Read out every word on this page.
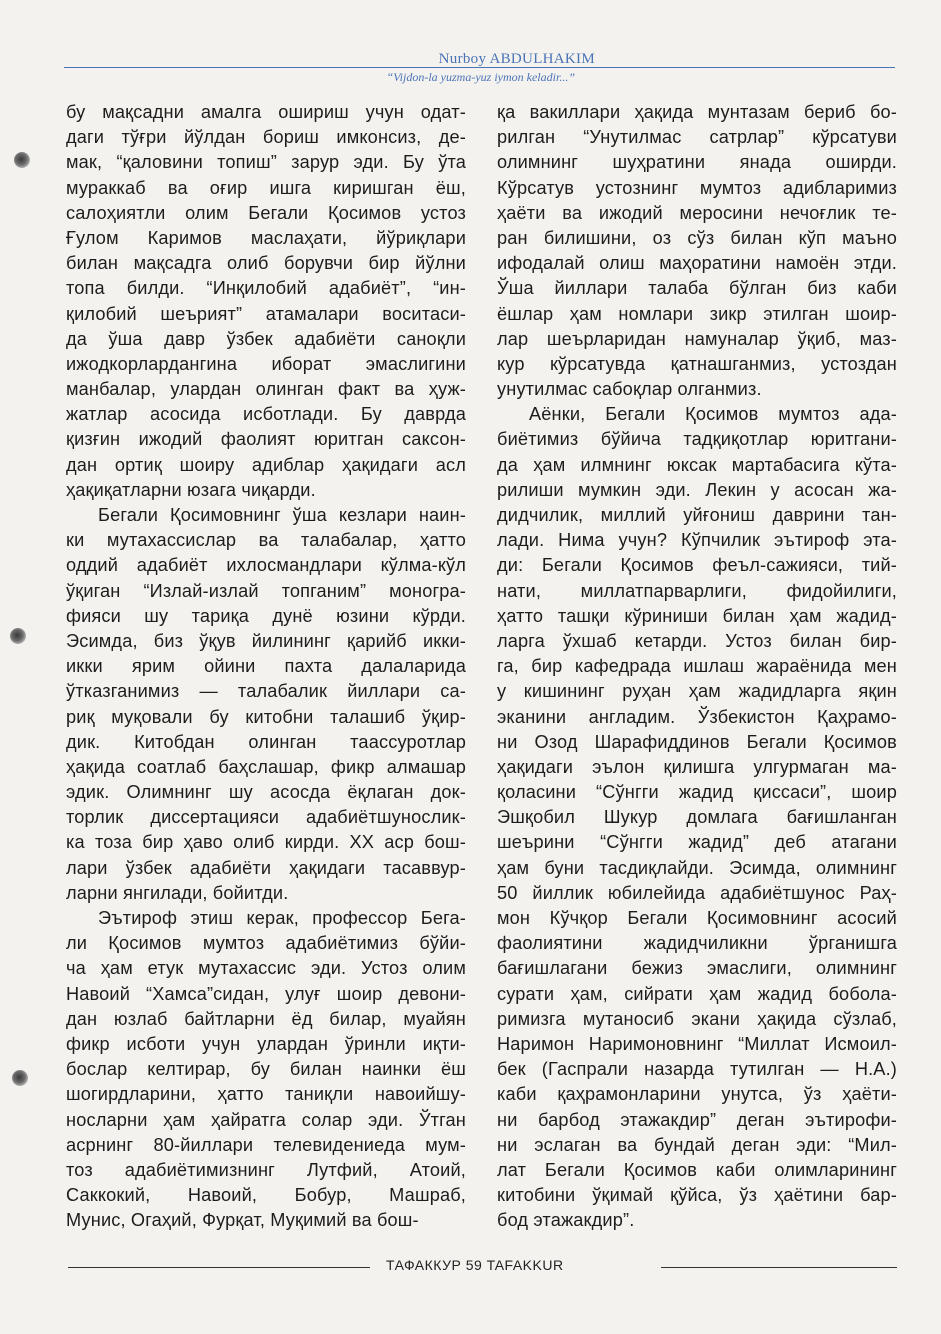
Nurboy ABDULHAKIM
“Vijdon-la yuzma-yuz iymon keladir...”

бу мақсадни амалга ошириш учун одат-
даги тўғри йўлдан бориш имконсиз, де-
мак, “қаловини топиш” зарур эди. Бу ўта
мураккаб ва оғир ишга киришган ёш,
салоҳиятли олим Бегали Қосимов устоз
Ғулом Каримов маслаҳати, йўриқлари
билан мақсадга олиб борувчи бир йўлни
топа билди. “Инқилобий адабиёт”, “ин-
қилобий шеърият” атамалари воситаси-
да ўша давр ўзбек адабиёти саноқли
ижодкорлардангина иборат эмаслигини
манбалар, улардан олинган факт ва ҳуж-
жатлар асосида исботлади. Бу даврда
қизғин ижодий фаолият юритган саксон-
дан ортиқ шоиру адиблар ҳақидаги асл
ҳақиқатларни юзага чиқарди.

Бегали Қосимовнинг ўша кезлари наин-
ки мутахассислар ва талабалар, ҳатто
оддий адабиёт ихлосмандлари кўлма-кўл
ўқиган “Излай-излай топганим” моногра-
фияси шу тариқа дунё юзини кўрди.
Эсимда, биз ўқув йилининг қарийб икки-
икки ярим ойини пахта далаларида
ўтказганимиз — талабалик йиллари са-
риқ муқовали бу китобни талашиб ўқир-
дик. Китобдан олинган таассуротлар
ҳақида соатлаб баҳслашар, фикр алмашар
эдик. Олимнинг шу асосда ёқлаган док-
торлик диссертацияси адабиётшунослик-
ка тоза бир ҳаво олиб кирди. XX аср бош-
лари ўзбек адабиёти ҳақидаги тасаввур-
ларни янгилади, бойитди.

Эътироф этиш керак, профессор Бега-
ли Қосимов мумтоз адабиётимиз бўйи-
ча ҳам етук мутахассис эди. Устоз олим
Навоий “Хамса”сидан, улуғ шоир девони-
дан юзлаб байтларни ёд билар, муайян
фикр исботи учун улардан ўринли иқти-
бослар келтирар, бу билан наинки ёш
шогирдларини, ҳатто таниқли навоийшу-
носларни ҳам ҳайратга солар эди. Ўтган
асрнинг 80-йиллари телевидениеда мум-
тоз адабиётимизнинг Лутфий, Атоий,
Саккокий, Навоий, Бобур, Машраб,
Мунис, Огаҳий, Фурқат, Муқимий ва бош-

қа вакиллари ҳақида мунтазам бериб бо-
рилган “Унутилмас сатрлар” кўрсатуви
олимнинг шуҳратини янада оширди.
Кўрсатув устознинг мумтоз адибларимиз
ҳаёти ва ижодий меросини нечоғлик те-
ран билишини, оз сўз билан кўп маъно
ифодалай олиш маҳоратини намоён этди.
Ўша йиллари талаба бўлган биз каби
ёшлар ҳам номлари зикр этилган шоир-
лар шеърларидан намуналар ўқиб, маз-
кур кўрсатувда қатнашганмиз, устоздан
унутилмас сабоқлар олганмиз.

Аёнки, Бегали Қосимов мумтоз ада-
биётимиз бўйича тадқиқотлар юритгани-
да ҳам илмнинг юксак мартабасига кўта-
рилиши мумкин эди. Лекин у асосан жа-
дидчилик, миллий уйғониш даврини тан-
лади. Нима учун? Кўпчилик эътироф эта-
ди: Бегали Қосимов феъл-сажияси, тий-
нати, миллатпарварлиги, фидойилиги,
ҳатто ташқи кўриниши билан ҳам жадид-
ларга ўхшаб кетарди. Устоз билан бир-
га, бир кафедрада ишлаш жараёнида мен
у кишининг руҳан ҳам жадидларга яқин
эканини англадим. Ўзбекистон Қаҳрамо-
ни Озод Шарафиддинов Бегали Қосимов
ҳақидаги эълон қилишга улгурмаган ма-
қоласини “Сўнгги жадид қиссаси”, шоир
Эшқобил Шукур домлага бағишланган
шеърини “Сўнгги жадид” деб атагани
ҳам буни тасдиқлайди. Эсимда, олимнинг
50 йиллик юбилейида адабиётшунос Раҳ-
мон Кўчқор Бегали Қосимовнинг асосий
фаолиятини жадидчиликни ўрганишга
бағишлагани бежиз эмаслиги, олимнинг
сурати ҳам, сийрати ҳам жадид боболa-
римизга мутаносиб экани ҳақида сўзлаб,
Наримон Наримоновнинг “Миллат Исмоил-
бек (Гаспрали назарда тутилган — Н.А.)
каби қаҳрамонларини унутса, ўз ҳаёти-
ни барбод этажакдир” деган эътирофи-
ни эслаган ва бундай деган эди: “Мил-
лат Бегали Қосимов каби олимларининг
китобини ўқимай қўйса, ўз ҳаётини бар-
бод этажакдир”.

ТАФАККУР 59 TAFAKKUR
